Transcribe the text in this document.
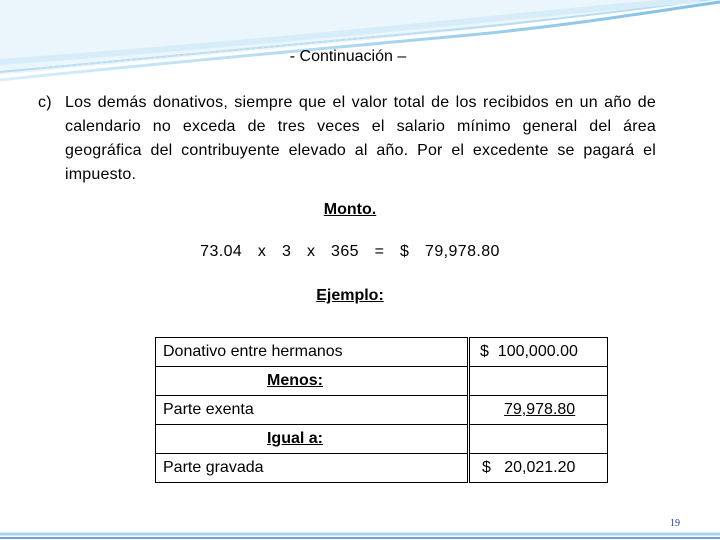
- Continuación –
c) Los demás donativos, siempre que el valor total de los recibidos en un año de calendario no exceda de tres veces el salario mínimo general del área geográfica del contribuyente elevado al año. Por el excedente se pagará el impuesto.
Monto.
73.04  x  3  x  365  =  $  79,978.80
Ejemplo:
Donativo entre hermanos		$  100,000.00
Menos:		
Parte exenta		79,978.80
Igual a:		
Parte gravada		$   20,021.20
19
